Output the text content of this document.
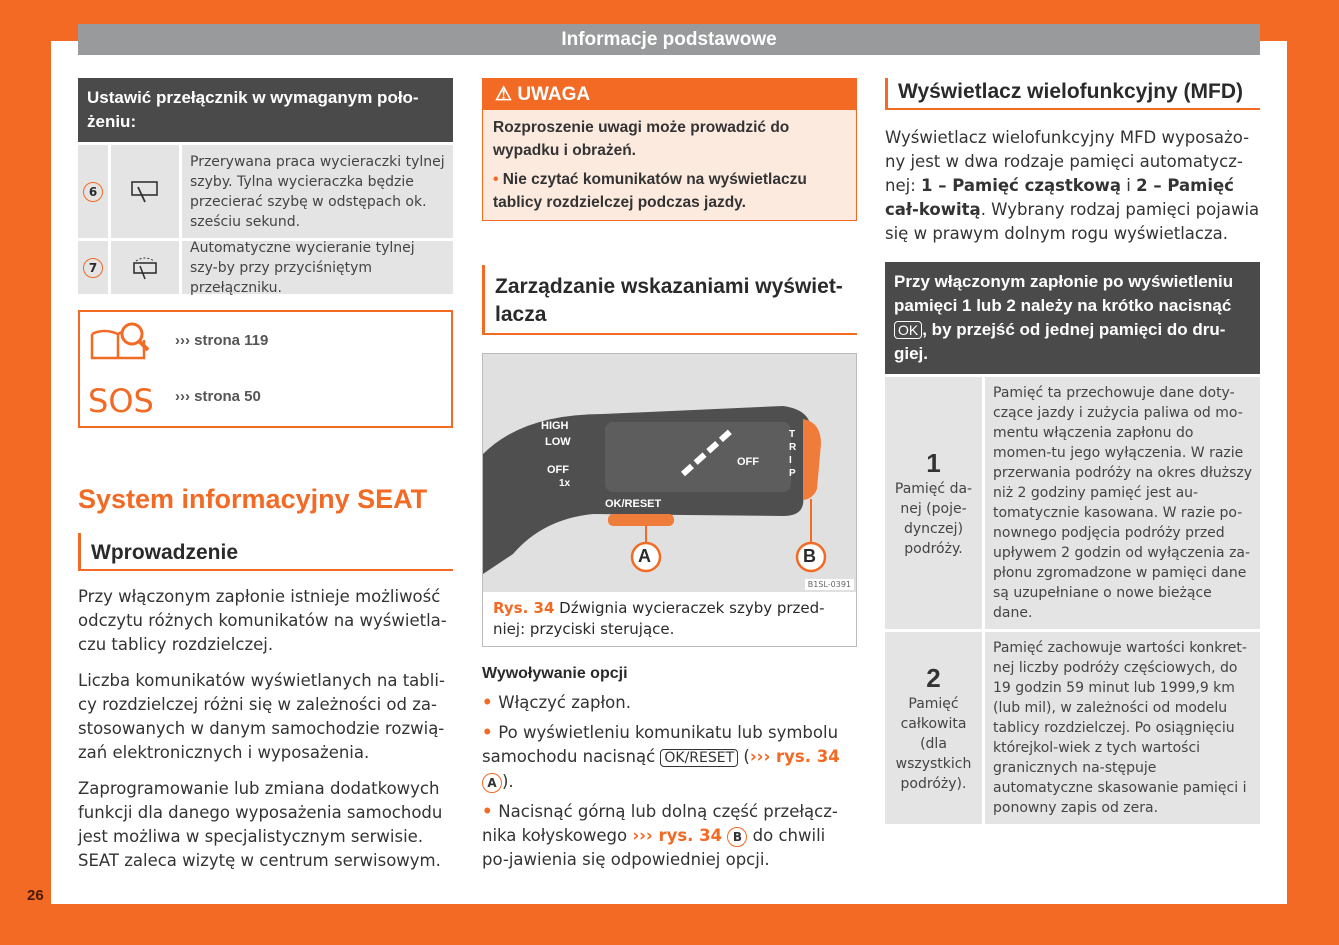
Informacje podstawowe
26
Ustawić przełącznik w wymaganym poło-żeniu:
6
Przerywana praca wycieraczki tylnej szyby. Tylna wycieraczka będzie przecierać szybę w odstępach ok. sześciu sekund.
7
Automatyczne wycieranie tylnej szy-by przy przyciśniętym przełączniku.
››› strona 119
SOS ››› strona 50
System informacyjny SEAT
Wprowadzenie

Przy włączonym zapłonie istnieje możliwość odczytu różnych komunikatów na wyświetla-czu tablicy rozdzielczej.

Liczba komunikatów wyświetlanych na tabli-cy rozdzielczej różni się w zależności od za-stosowanych w danym samochodzie rozwią-zań elektronicznych i wyposażenia.

Zaprogramowanie lub zmiana dodatkowych funkcji dla danego wyposażenia samochodu jest możliwa w specjalistycznym serwisie. SEAT zaleca wizytę w centrum serwisowym.

⚠ UWAGA
Rozproszenie uwagi może prowadzić do wypadku i obrażeń.
• Nie czytać komunikatów na wyświetlaczu tablicy rozdzielczej podczas jazdy.
Zarządzanie wskazaniami wyświet-lacza
HIGH
LOW
OFF
1x
OFF
OK/RESET
TRIP
A	B
B1SL-0391
Rys. 34 Dźwignia wycieraczek szyby przed-niej: przyciski sterujące.
Wywoływanie opcji

• Włączyć zapłon.

• Po wyświetleniu komunikatu lub symbolu samochodu nacisnąć OK/RESET (››› rys. 34 A ).

• Nacisnąć górną lub dolną część przełącz-nika kołyskowego ››› rys. 34 B do chwili po-jawienia się odpowiedniej opcji.

Wyświetlacz wielofunkcyjny (MFD)

Wyświetlacz wielofunkcyjny MFD wyposażo-ny jest w dwa rodzaje pamięci automatycz-nej: 1 – Pamięć cząstkową i 2 – Pamięć cał-kowitą. Wybrany rodzaj pamięci pojawia się w prawym dolnym rogu wyświetlacza.

Przy włączonym zapłonie po wyświetleniu pamięci 1 lub 2 należy na krótko nacisnąć OK , by przejść od jednej pamięci do dru-giej.
1
Pamięć da-nej (poje-dynczej) podróży.
Pamięć ta przechowuje dane doty-czące jazdy i zużycia paliwa od mo-mentu włączenia zapłonu do momen-tu jego wyłączenia. W razie przerwania podróży na okres dłuższy niż 2 godziny pamięć jest au-tomatycznie kasowana. W razie po-nownego podjęcia podróży przed upływem 2 godzin od wyłączenia za-płonu zgromadzone w pamięci dane są uzupełniane o nowe bieżące dane.
2
Pamięć całkowita (dla wszystkich podróży).
Pamięć zachowuje wartości konkret-nej liczby podróży częściowych, do 19 godzin 59 minut lub 1999,9 km (lub mil), w zależności od modelu tablicy rozdzielczej. Po osiągnięciu którejkol-wiek z tych wartości granicznych na-stępuje automatyczne skasowanie pamięci i ponowny zapis od zera.
